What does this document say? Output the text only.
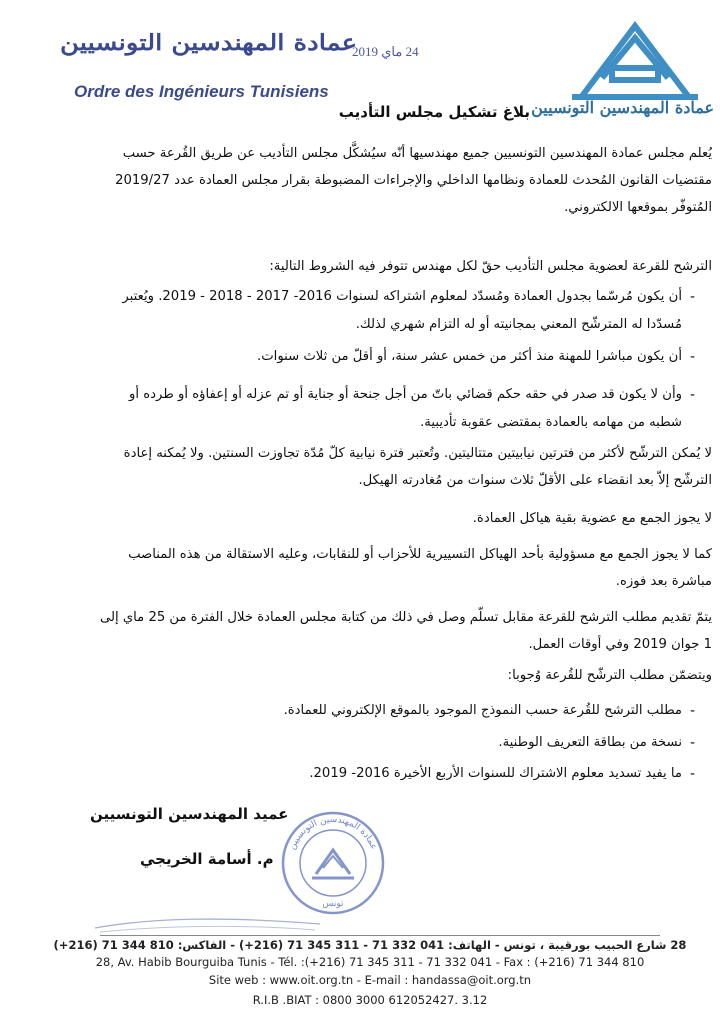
عمادة المهندسين التونسيين
24 ماي 2019
Ordre des Ingénieurs Tunisiens
عمادة المهندسين التونسيين
بلاغ تشكيل مجلس التأديب
يُعلم مجلس عمادة المهندسين التونسيين جميع مهندسيها أنّه سيُشكَّل مجلس التأديب عن طريق القُرعة حسب
مقتضيات القانون المُحدث للعمادة ونظامها الداخلي والإجراءات المضبوطة بقرار مجلس العمادة عدد 2019/27
المُتوفّر بموقعها الالكتروني.
الترشح للقرعة لعضوية مجلس التأديب حقّ لكل مهندس تتوفر فيه الشروط التالية:
-
أن يكون مُرسّما بجدول العمادة ومُسدّد لمعلوم اشتراكه لسنوات 2016- 2017 - 2018 - 2019. ويُعتبر
مُسدّدا له المترشّح المعني بمجانيته أو له التزام شهري لذلك.
-
أن يكون مباشرا للمهنة منذ أكثر من خمس عشر سنة، أو أقلّ من ثلاث سنوات.
-
وأن لا يكون قد صدر في حقه حكم قضائي باتّ من أجل جنحة أو جناية أو تم عزله أو إعفاؤه أو طرده أو
شطبه من مهامه بالعمادة بمقتضى عقوبة تأديبية.
لا يُمكن الترشّح لأكثر من فترتين نيابيتين متتاليتين. وتُعتبر فترة نيابية كلّ مُدّة تجاوزت السنتين. ولا يُمكنه إعادة
الترشّح إلاّ بعد انقضاء على الأقلّ ثلاث سنوات من مُغادرته الهيكل.
لا يجوز الجمع مع عضوية بقية هياكل العمادة.
كما لا يجوز الجمع مع مسؤولية بأحد الهياكل التسييرية للأحزاب أو للنقابات، وعليه الاستقالة من هذه المناصب
مباشرة بعد فوزه.
يتمّ تقديم مطلب الترشح للقرعة مقابل تسلّم وصل في ذلك من كتابة مجلس العمادة خلال الفترة من 25 ماي إلى
1 جوان 2019 وفي أوقات العمل.
ويتضمّن مطلب الترشّح للقُرعة وُجوبا:
-
مطلب الترشح للقُرعة حسب النموذج الموجود بالموقع الإلكتروني للعمادة.
-
نسخة من بطاقة التعريف الوطنية.
-
ما يفيد تسديد معلوم الاشتراك للسنوات الأربع الأخيرة 2016- 2019.
عميد المهندسين التونسيين
م. أسامة الخريجي
عمادة المهندسين التونسيين
تونس
28 شارع الحبيب بورقيبة ، تونس - الهاتف: 041 332 71 - 311 345 71 (216+) - الفاكس: 810 344 71 (216+)
28, Av. Habib Bourguiba Tunis - Tél. :(+216) 71 345 311 - 71 332 041 - Fax : (+216) 71 344 810
Site web : www.oit.org.tn - E-mail : handassa@oit.org.tn
R.I.B .BIAT : 0800 3000 612052427. 3.12
